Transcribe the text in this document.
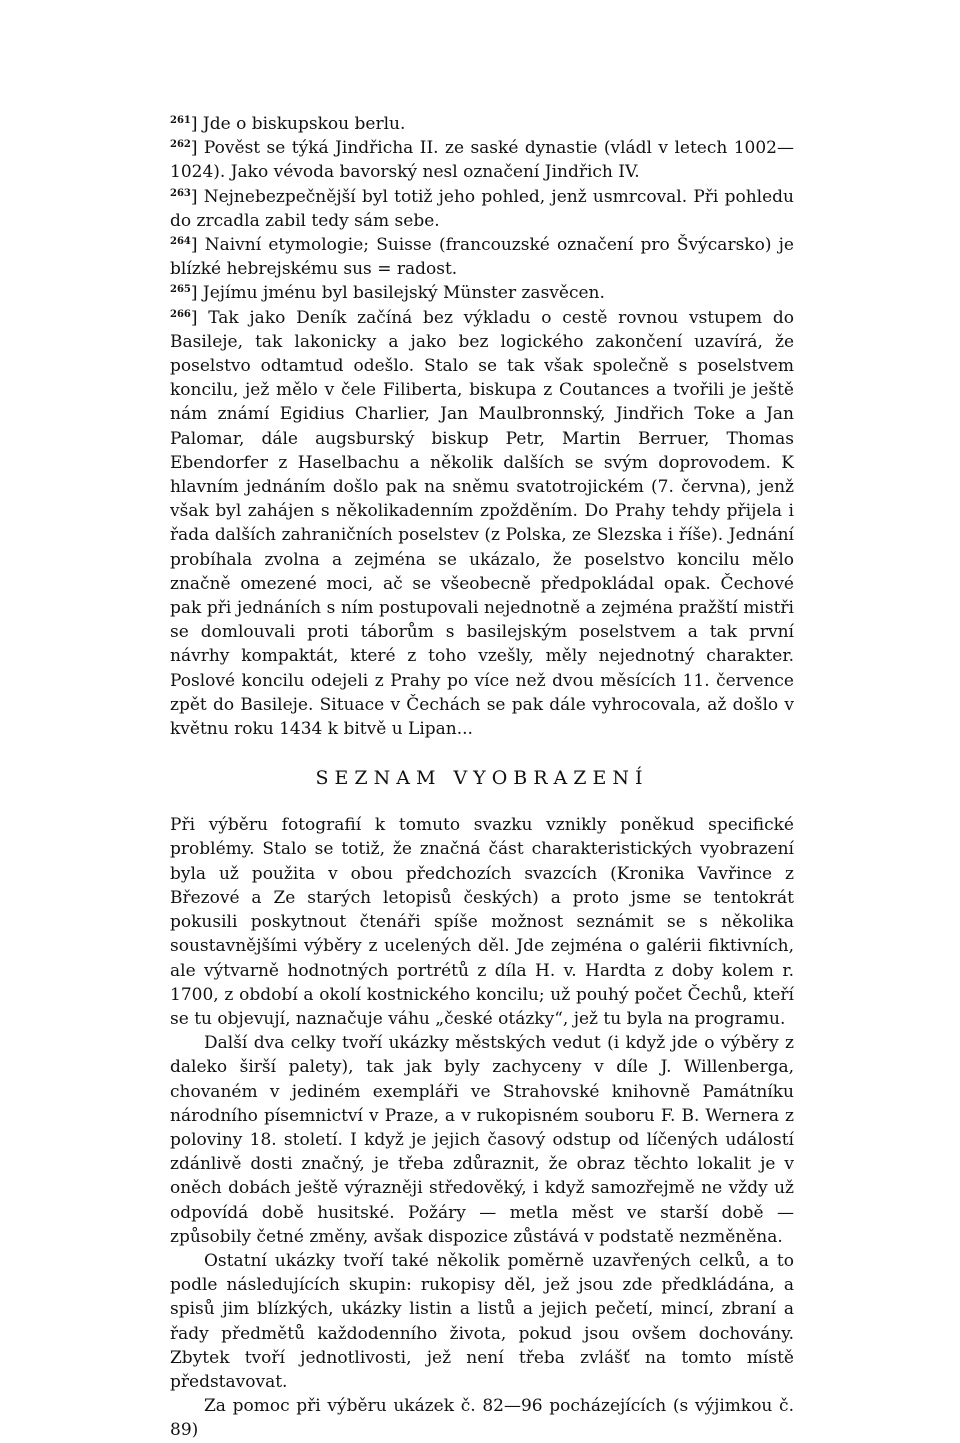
$^{261}$] Jde o biskupskou berlu.

$^{262}$] Pověst se týká Jindřicha II. ze saské dynastie (vládl v letech 1002—1024). Jako vévoda bavorský nesl označení Jindřich IV.

$^{263}$] Nejnebezpečnější byl totiž jeho pohled, jenž usmrcoval. Při pohledu do zrcadla zabil tedy sám sebe.

$^{264}$] Naivní etymologie; Suisse (francouzské označení pro Švýcarsko) je blízké hebrejskému sus = radost.

$^{265}$] Jejímu jménu byl basilejský Münster zasvěcen.

$^{266}$] Tak jako Deník začíná bez výkladu o cestě rovnou vstupem do Basileje, tak lakonicky a jako bez logického zakončení uzavírá, že poselstvo odtamtud odešlo. Stalo se tak však společně s poselstvem koncilu, jež mělo v čele Filiberta, biskupa z Coutances a tvořili je ještě nám známí Egidius Charlier, Jan Maulbronnský, Jindřich Toke a Jan Palomar, dále augsburský biskup Petr, Martin Berruer, Thomas Ebendorfer z Haselbachu a několik dalších se svým doprovodem. K hlavním jednáním došlo pak na sněmu svatotrojickém (7. června), jenž však byl zahájen s několikadenním zpožděním. Do Prahy tehdy přijela i řada dalších zahraničních poselstev (z Polska, ze Slezska i říše). Jednání probíhala zvolna a zejména se ukázalo, že poselstvo koncilu mělo značně omezené moci, ač se všeobecně předpokládal opak. Čechové pak při jednáních s ním postupovali nejednotně a zejména pražští mistři se domlouvali proti táborům s basilejským poselstvem a tak první návrhy kompaktát, které z toho vzešly, měly nejednotný charakter. Poslové koncilu odejeli z Prahy po více než dvou měsících 11. července zpět do Basileje. Situace v Čechách se pak dále vyhrocovala, až došlo v květnu roku 1434 k bitvě u Lipan...

SEZNAM VYOBRAZENÍ

Při výběru fotografií k tomuto svazku vznikly poněkud specifické problémy. Stalo se totiž, že značná část charakteristických vyobrazení byla už použita v obou předchozích svazcích (Kronika Vavřince z Březové a Ze starých letopisů českých) a proto jsme se tentokrát pokusili poskytnout čtenáři spíše možnost seznámit se s několika soustavnějšími výběry z ucelených děl. Jde zejména o galérii fiktivních, ale výtvarně hodnotných portrétů z díla H. v. Hardta z doby kolem r. 1700, z období a okolí kostnického koncilu; už pouhý počet Čechů, kteří se tu objevují, naznačuje váhu „české otázky“, jež tu byla na programu.

Další dva celky tvoří ukázky městských vedut (i když jde o výběry z daleko širší palety), tak jak byly zachyceny v díle J. Willenberga, chovaném v jediném exempláři ve Strahovské knihovně Památníku národního písemnictví v Praze, a v rukopisném souboru F. B. Wernera z poloviny 18. století. I když je jejich časový odstup od líčených událostí zdánlivě dosti značný, je třeba zdůraznit, že obraz těchto lokalit je v oněch dobách ještě výrazněji středověký, i když samozřejmě ne vždy už odpovídá době husitské. Požáry — metla měst ve starší době — způsobily četné změny, avšak dispozice zůstává v podstatě nezměněna.

Ostatní ukázky tvoří také několik poměrně uzavřených celků, a to podle následujících skupin: rukopisy děl, jež jsou zde předkládána, a spisů jim blízkých, ukázky listin a listů a jejich pečetí, mincí, zbraní a řady předmětů každodenního života, pokud jsou ovšem dochovány. Zbytek tvoří jednotlivosti, jež není třeba zvlášť na tomto místě představovat.

Za pomoc při výběru ukázek č. 82—96 pocházejících (s výjimkou č. 89)
